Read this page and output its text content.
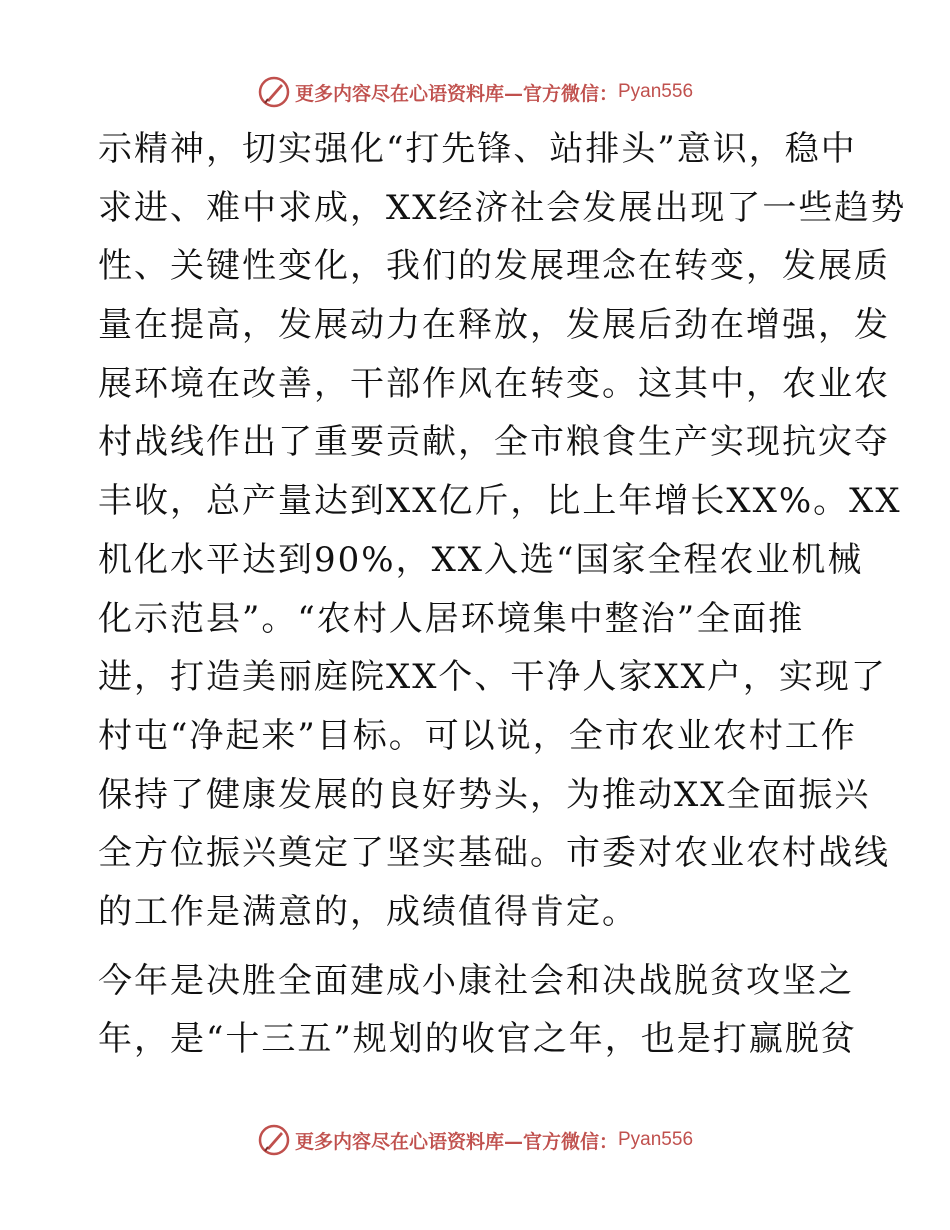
更多内容尽在心语资料库—官方微信： Pyan556
示精神，切实强化“打先锋、站排头”意识，稳中
求进、难中求成，XX经济社会发展出现了一些趋势
性、关键性变化，我们的发展理念在转变，发展质
量在提高，发展动力在释放，发展后劲在增强，发
展环境在改善，干部作风在转变。这其中，农业农
村战线作出了重要贡献，全市粮食生产实现抗灾夺
丰收，总产量达到XX亿斤，比上年增长XX%。XX
机化水平达到90%，XX入选“国家全程农业机械
化示范县”。“农村人居环境集中整治”全面推
进，打造美丽庭院XX个、干净人家XX户，实现了
村屯“净起来”目标。可以说，全市农业农村工作
保持了健康发展的良好势头，为推动XX全面振兴
全方位振兴奠定了坚实基础。市委对农业农村战线
的工作是满意的，成绩值得肯定。
今年是决胜全面建成小康社会和决战脱贫攻坚之
年，是“十三五”规划的收官之年，也是打赢脱贫
更多内容尽在心语资料库—官方微信： Pyan556
